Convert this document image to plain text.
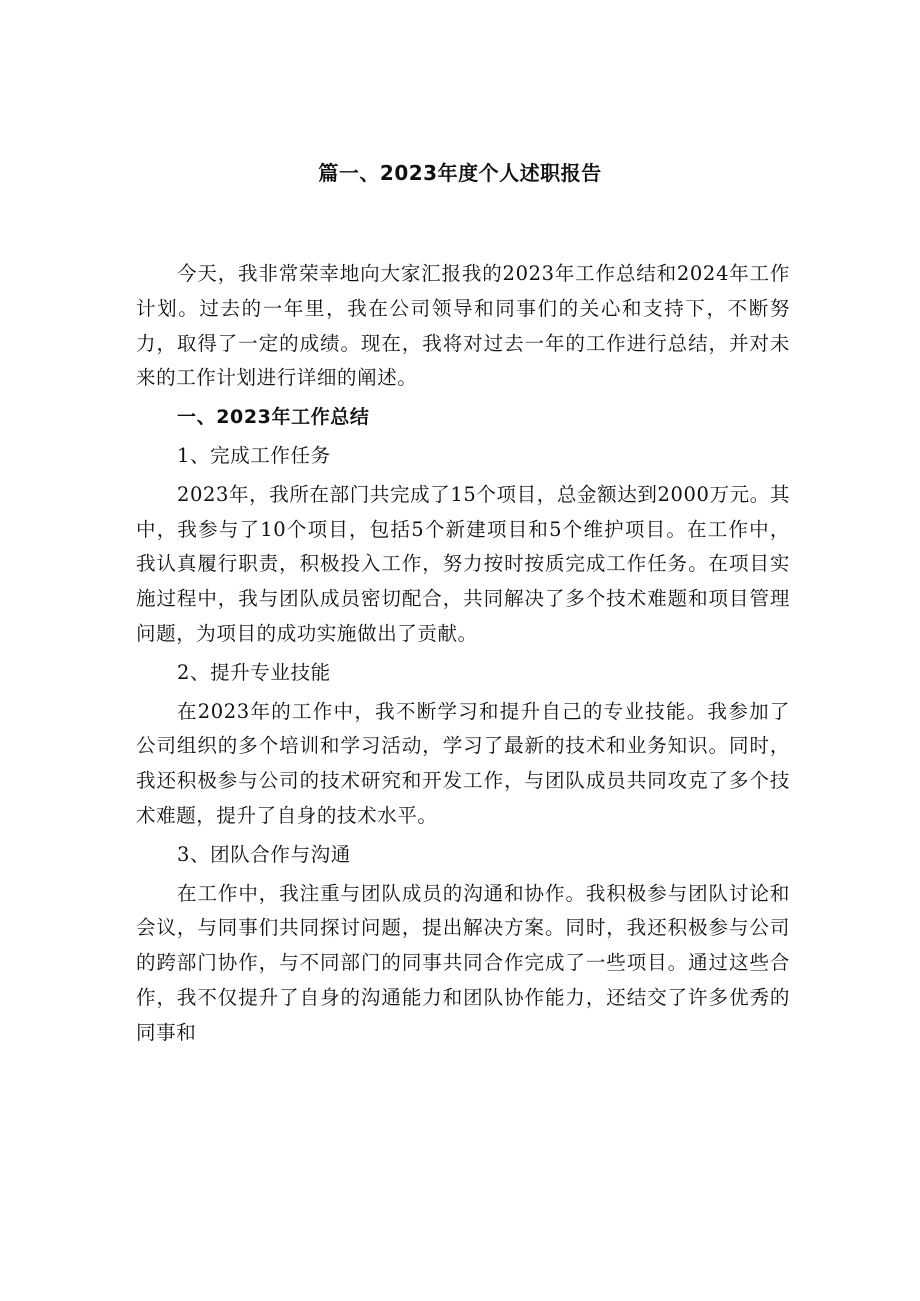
篇一、2023年度个人述职报告

今天，我非常荣幸地向大家汇报我的2023年工作总结和2024年工作计划。过去的一年里，我在公司领导和同事们的关心和支持下，不断努力，取得了一定的成绩。现在，我将对过去一年的工作进行总结，并对未来的工作计划进行详细的阐述。

一、2023年工作总结

1、完成工作任务

2023年，我所在部门共完成了15个项目，总金额达到2000万元。其中，我参与了10个项目，包括5个新建项目和5个维护项目。在工作中，我认真履行职责，积极投入工作，努力按时按质完成工作任务。在项目实施过程中，我与团队成员密切配合，共同解决了多个技术难题和项目管理问题，为项目的成功实施做出了贡献。

2、提升专业技能

在2023年的工作中，我不断学习和提升自己的专业技能。我参加了公司组织的多个培训和学习活动，学习了最新的技术和业务知识。同时，我还积极参与公司的技术研究和开发工作，与团队成员共同攻克了多个技术难题，提升了自身的技术水平。

3、团队合作与沟通

在工作中，我注重与团队成员的沟通和协作。我积极参与团队讨论和会议，与同事们共同探讨问题，提出解决方案。同时，我还积极参与公司的跨部门协作，与不同部门的同事共同合作完成了一些项目。通过这些合作，我不仅提升了自身的沟通能力和团队协作能力，还结交了许多优秀的同事和
